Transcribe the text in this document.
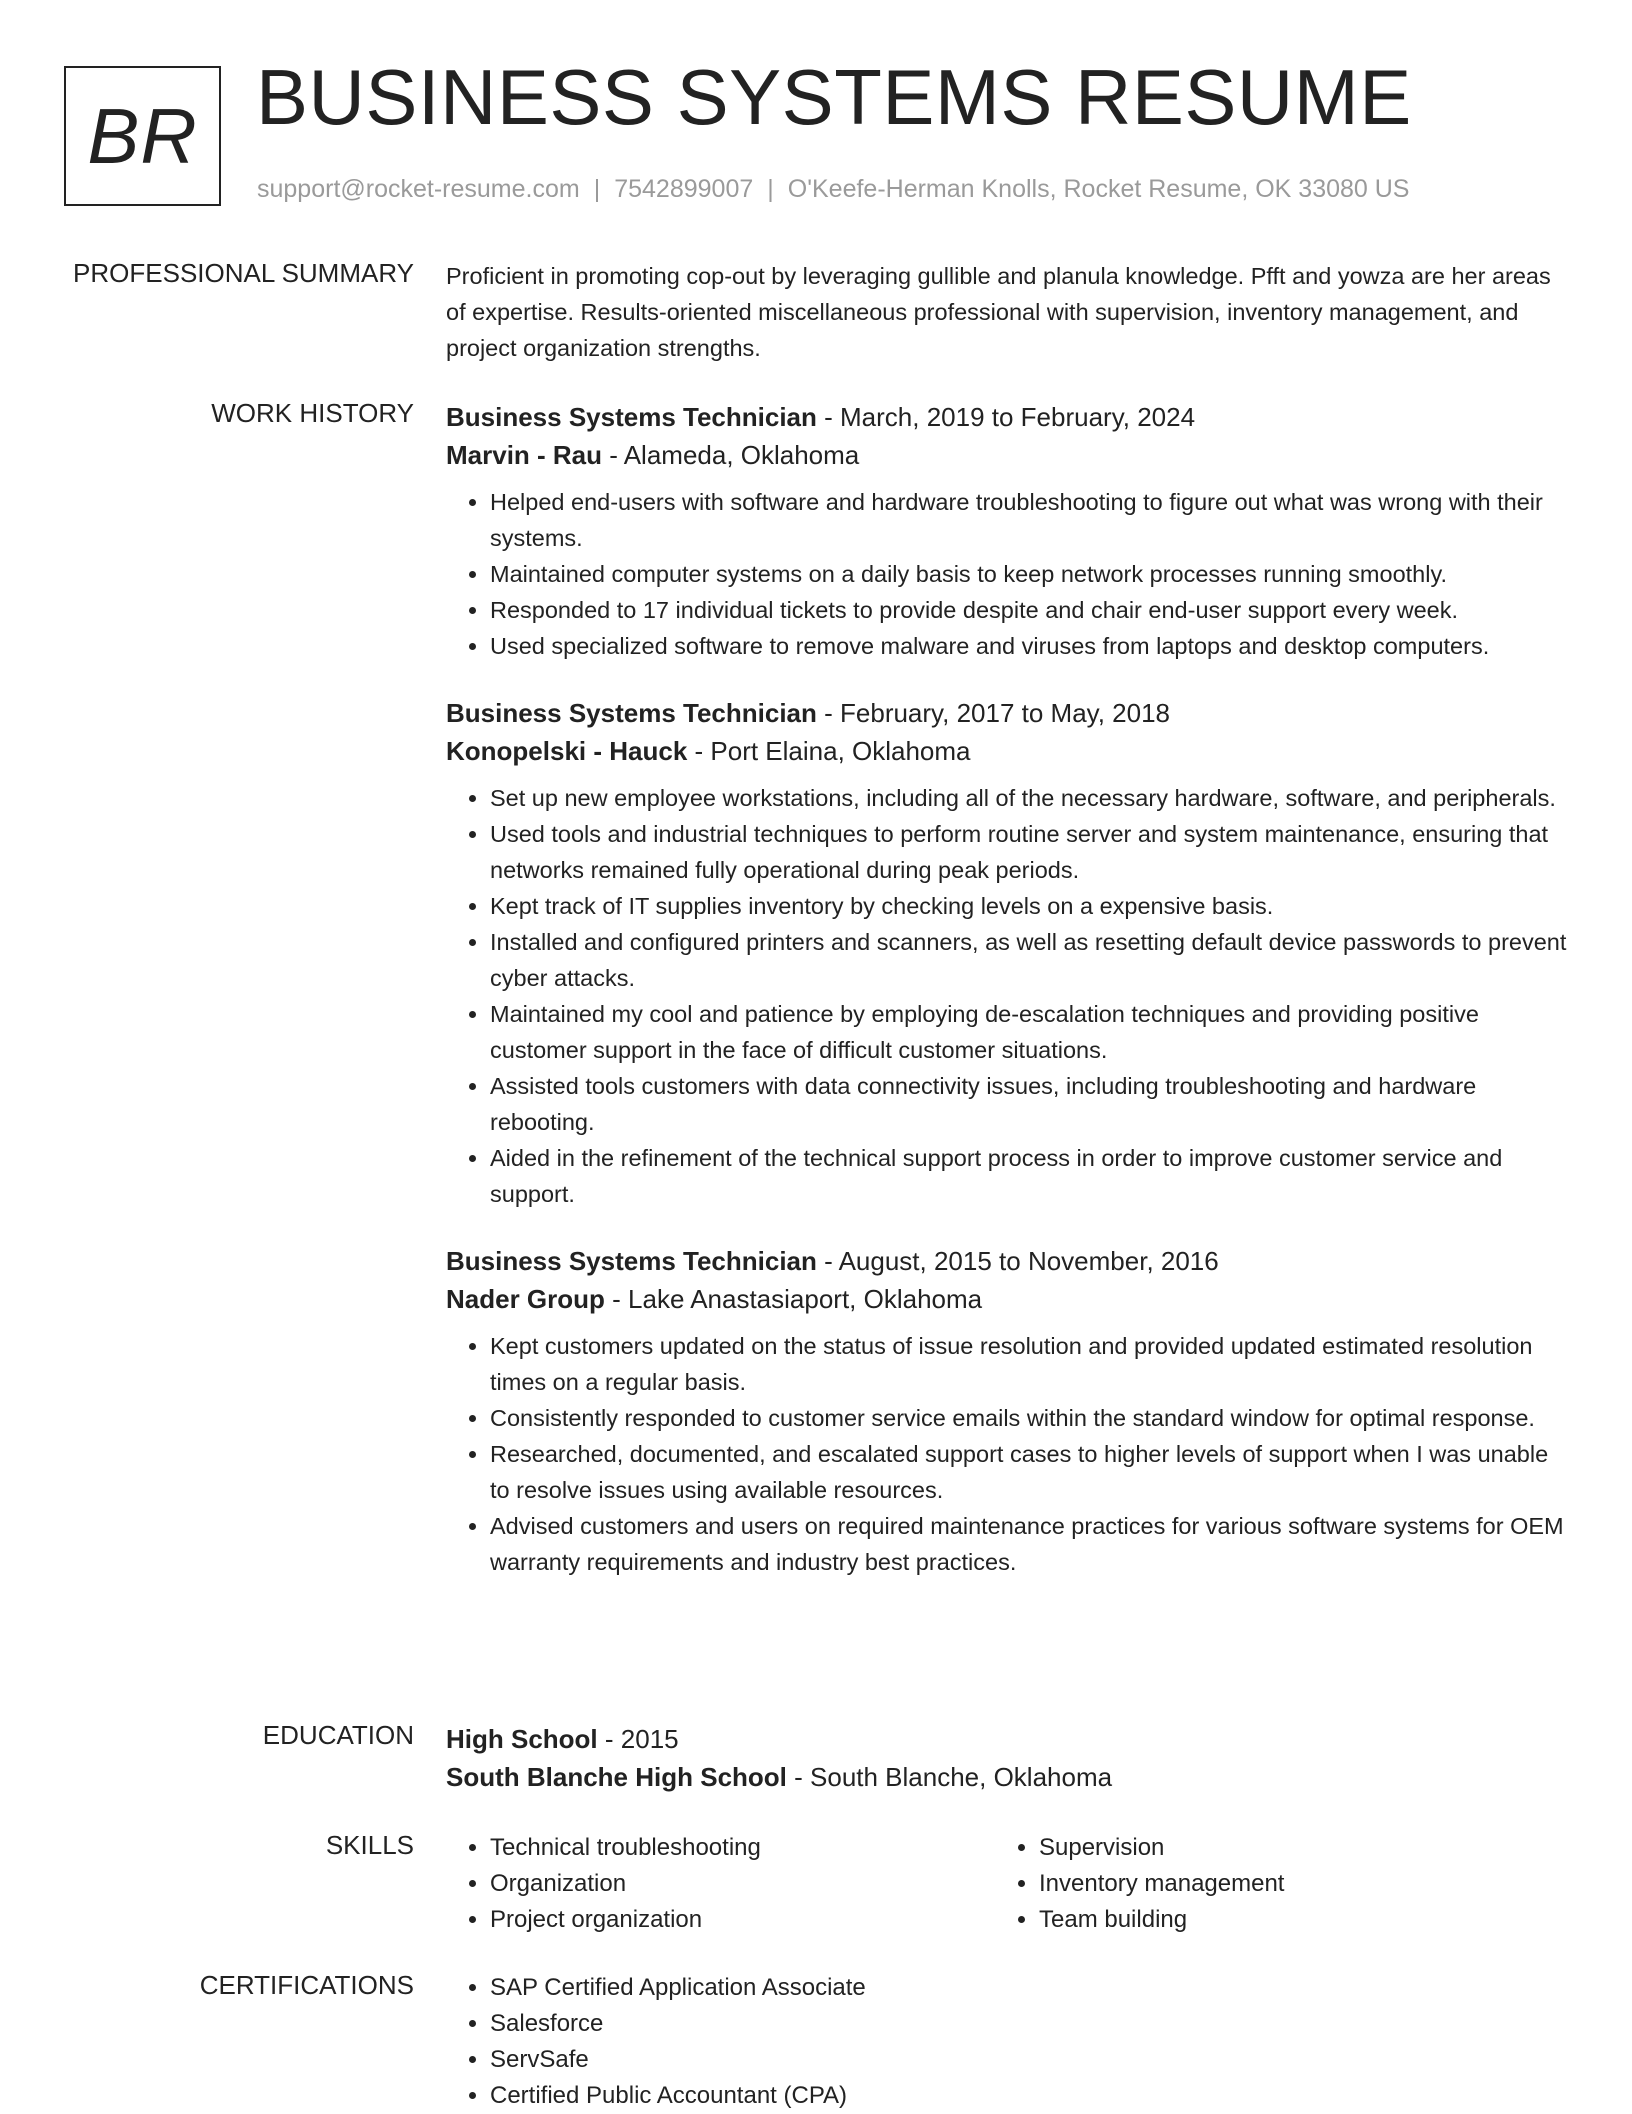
BR BUSINESS SYSTEMS RESUME
support@rocket-resume.com | 7542899007 | O'Keefe-Herman Knolls, Rocket Resume, OK 33080 US
PROFESSIONAL SUMMARY Proficient in promoting cop-out by leveraging gullible and planula knowledge. Pfft and yowza are her areas of expertise. Results-oriented miscellaneous professional with supervision, inventory management, and project organization strengths.

WORK HISTORY Business Systems Technician - March, 2019 to February, 2024
Marvin - Rau - Alameda, Oklahoma
• Helped end-users with software and hardware troubleshooting to figure out what was wrong with their systems.
• Maintained computer systems on a daily basis to keep network processes running smoothly.
• Responded to 17 individual tickets to provide despite and chair end-user support every week.
• Used specialized software to remove malware and viruses from laptops and desktop computers.
Business Systems Technician - February, 2017 to May, 2018
Konopelski - Hauck - Port Elaina, Oklahoma
• Set up new employee workstations, including all of the necessary hardware, software, and peripherals.
• Used tools and industrial techniques to perform routine server and system maintenance, ensuring that networks remained fully operational during peak periods.
• Kept track of IT supplies inventory by checking levels on a expensive basis.
• Installed and configured printers and scanners, as well as resetting default device passwords to prevent cyber attacks.
• Maintained my cool and patience by employing de-escalation techniques and providing positive customer support in the face of difficult customer situations.
• Assisted tools customers with data connectivity issues, including troubleshooting and hardware rebooting.
• Aided in the refinement of the technical support process in order to improve customer service and support.
Business Systems Technician - August, 2015 to November, 2016
Nader Group - Lake Anastasiaport, Oklahoma
• Kept customers updated on the status of issue resolution and provided updated estimated resolution times on a regular basis.
• Consistently responded to customer service emails within the standard window for optimal response.
• Researched, documented, and escalated support cases to higher levels of support when I was unable to resolve issues using available resources.
• Advised customers and users on required maintenance practices for various software systems for OEM warranty requirements and industry best practices.
EDUCATION High School - 2015
South Blanche High School - South Blanche, Oklahoma
SKILLS	• Technical troubleshooting
• Organization
• Project organization
• Supervision
• Inventory management
• Team building
CERTIFICATIONS	• SAP Certified Application Associate
• Salesforce
• ServSafe
• Certified Public Accountant (CPA)
